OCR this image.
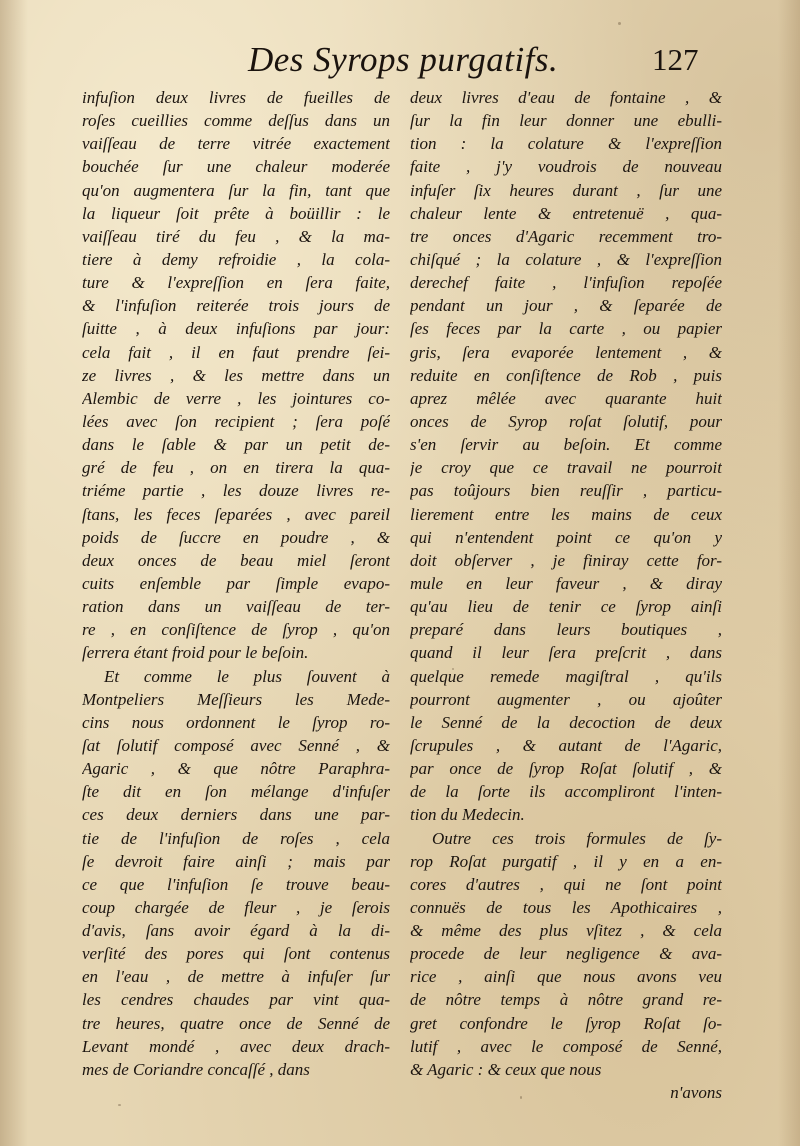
Des Syrops purgatifs.	127
infuſion deux livres de fueilles de
roſes cueillies comme deſſus dans un
vaiſſeau de terre vitrée exactement
bouchée ſur une chaleur moderée
qu'on augmentera ſur la fin, tant que
la liqueur ſoit prête à boüillir : le
vaiſſeau tiré du feu , & la ma-
tiere à demy refroidie , la cola-
ture & l'expreſſion en ſera faite,
& l'infuſion reiterée trois jours de
ſuitte , à deux infuſions par jour:
cela fait , il en faut prendre ſei-
ze livres , & les mettre dans un
Alembic de verre , les jointures co-
lées avec ſon recipient ; ſera poſé
dans le ſable & par un petit de-
gré de feu , on en tirera la qua-
triéme partie , les douze livres re-
ſtans, les feces ſeparées , avec pareil
poids de ſuccre en poudre , &
deux onces de beau miel ſeront
cuits enſemble par ſimple evapo-
ration dans un vaiſſeau de ter-
re , en conſiſtence de ſyrop , qu'on
ſerrera étant froid pour le beſoin.
Et comme le plus ſouvent à
Montpeliers Meſſieurs les Mede-
cins nous ordonnent le ſyrop ro-
ſat ſolutif composé avec Senné , &
Agaric , & que nôtre Paraphra-
ſte dit en ſon mélange d'infuſer
ces deux derniers dans une par-
tie de l'infuſion de roſes , cela
ſe devroit faire ainſi ; mais par
ce que l'infuſion ſe trouve beau-
coup chargée de fleur , je ſerois
d'avis, ſans avoir égard à la di-
verſité des pores qui ſont contenus
en l'eau , de mettre à infuſer ſur
les cendres chaudes par vint qua-
tre heures, quatre once de Senné de
Levant mondé , avec deux drach-
mes de Coriandre concaſſé , dans
deux livres d'eau de fontaine , &
ſur la fin leur donner une ebulli-
tion : la colature & l'expreſſion
faite , j'y voudrois de nouveau
infuſer ſix heures durant , ſur une
chaleur lente & entretenuë , qua-
tre onces d'Agaric recemment tro-
chiſqué ; la colature , & l'expreſſion
derechef faite , l'infuſion repoſée
pendant un jour , & ſeparée de
ſes feces par la carte , ou papier
gris, ſera evaporée lentement , &
reduite en conſiſtence de Rob , puis
aprez mêlée avec quarante huit
onces de Syrop roſat ſolutif, pour
s'en ſervir au beſoin. Et comme
je croy que ce travail ne pourroit
pas toûjours bien reuſſir , particu-
lierement entre les mains de ceux
qui n'entendent point ce qu'on y
doit obſerver , je finiray cette for-
mule en leur faveur , & diray
qu'au lieu de tenir ce ſyrop ainſi
preparé dans leurs boutiques ,
quand il leur ſera preſcrit , dans
quelque remede magiſtral , qu'ils
pourront augmenter , ou ajoûter
le Senné de la decoction de deux
ſcrupules , & autant de l'Agaric,
par once de ſyrop Roſat ſolutif , &
de la ſorte ils accompliront l'inten-
tion du Medecin.
Outre ces trois formules de ſy-
rop Roſat purgatif , il y en a en-
cores d'autres , qui ne ſont point
connuës de tous les Apothicaires ,
& même des plus vſitez , & cela
procede de leur negligence & ava-
rice , ainſi que nous avons veu
de nôtre temps à nôtre grand re-
gret confondre le ſyrop Roſat ſo-
lutif , avec le composé de Senné,
& Agaric : & ceux que nous
n'avons
